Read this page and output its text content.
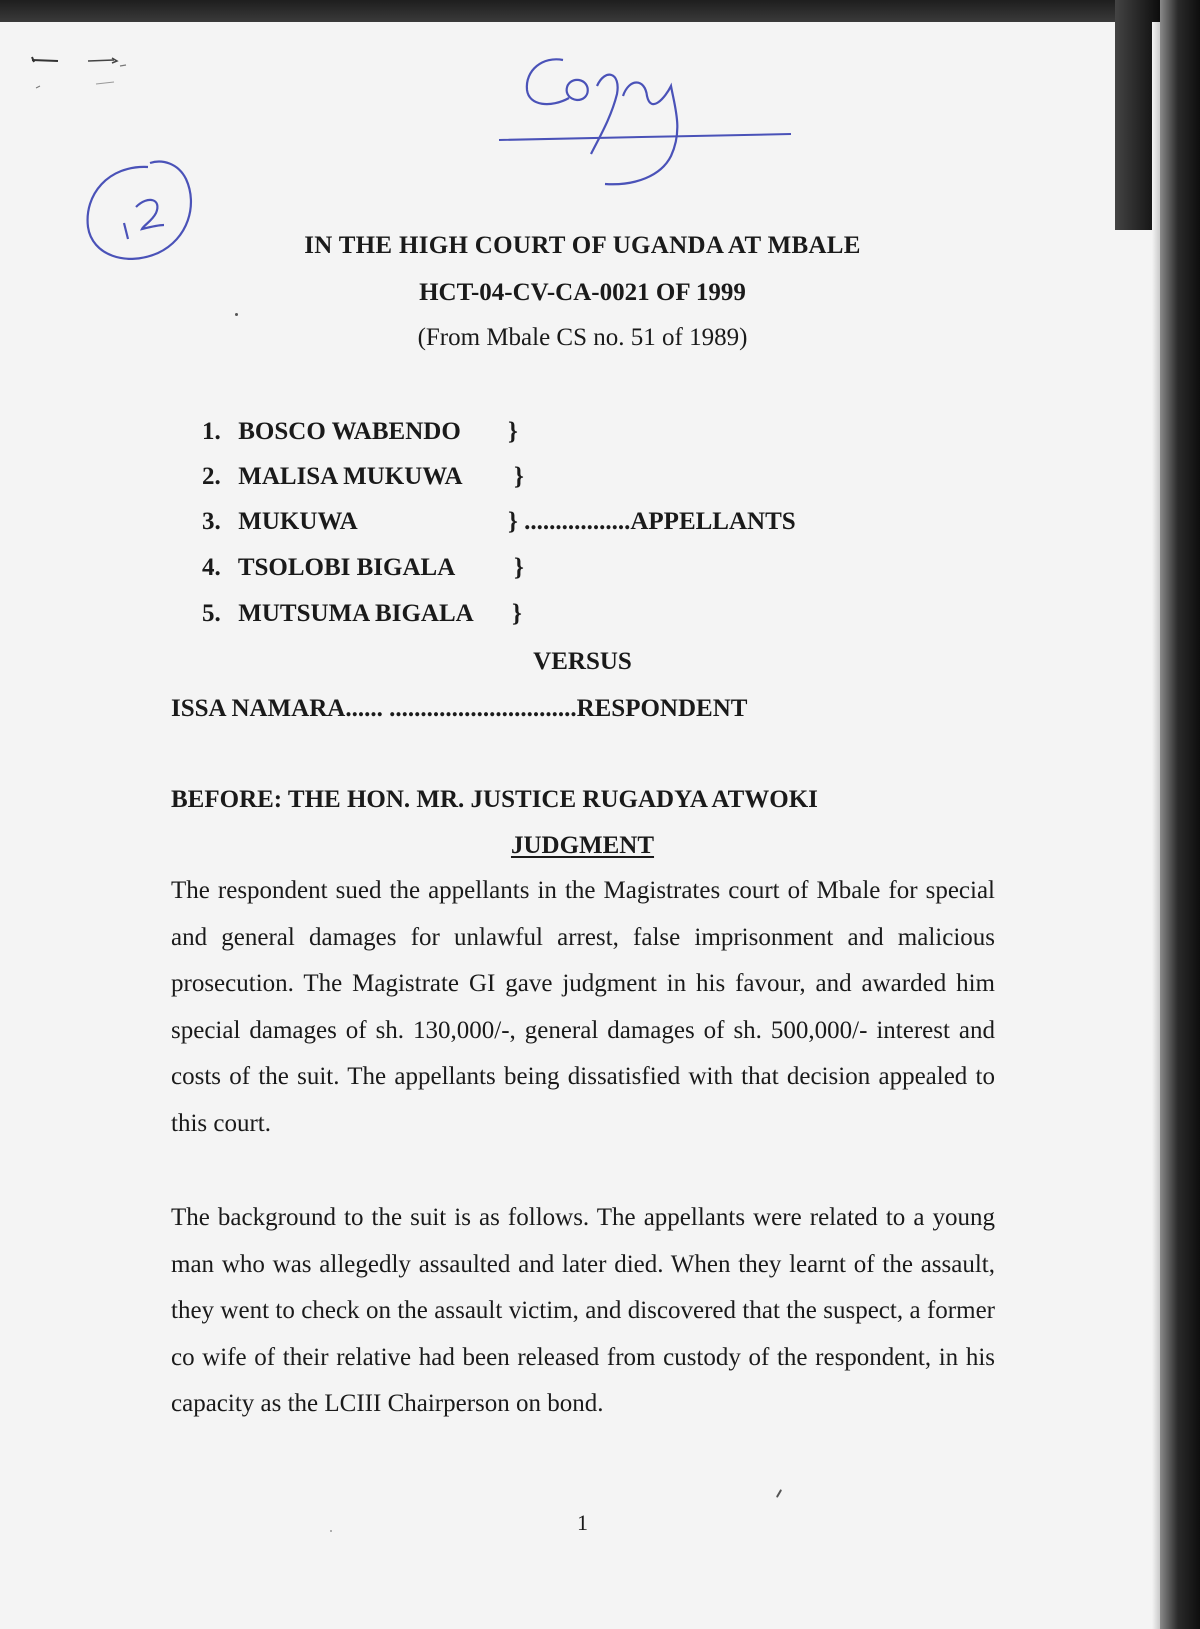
IN THE HIGH COURT OF UGANDA AT MBALE
HCT-04-CV-CA-0021 OF 1999
(From Mbale CS no. 51 of 1989)
1. BOSCO WABENDO }
2. MALISA MUKUWA }
3. MUKUWA	} .................APPELLANTS
4. TSOLOBI BIGALA }
5. MUTSUMA BIGALA }
VERSUS
ISSA NAMARA...... ..............................RESPONDENT
BEFORE: THE HON. MR. JUSTICE RUGADYA ATWOKI
JUDGMENT

The respondent sued the appellants in the Magistrates court of Mbale for special and general damages for unlawful arrest, false imprisonment and malicious prosecution. The Magistrate GI gave judgment in his favour, and awarded him special damages of sh. 130,000/-, general damages of sh. 500,000/- interest and costs of the suit. The appellants being dissatisfied with that decision appealed to this court.

The background to the suit is as follows. The appellants were related to a young man who was allegedly assaulted and later died. When they learnt of the assault, they went to check on the assault victim, and discovered that the suspect, a former co wife of their relative had been released from custody of the respondent, in his capacity as the LCIII Chairperson on bond.

1
